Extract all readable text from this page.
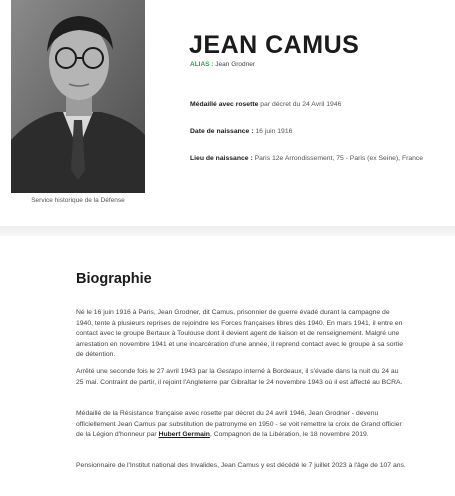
Service historique de la Défense
JEAN CAMUS
ALIAS : Jean Grodner
Médaillé avec rosette par décret du 24 Avril 1946
Date de naissance : 16 juin 1916
Lieu de naissance : Paris 12e Arrondissement, 75 - Paris (ex Seine), France
Biographie

Né le 16 juin 1916 à Paris, Jean Grodner, dit Camus, prisonnier de guerre évadé durant la campagne de 1940, tente à plusieurs reprises de rejoindre les Forces françaises libres dès 1940. En mars 1941, il entre en contact avec le groupe Bertaux à Toulouse dont il devient agent de liaison et de renseignement. Malgré une arrestation en novembre 1941 et une incarcération d'une année, il reprend contact avec le groupe à sa sortie de détention.

Arrêté une seconde fois le 27 avril 1943 par la Gestapo interné à Bordeaux, il s'évade dans la nuit du 24 au 25 mai. Contraint de partir, il rejoint l'Angleterre par Gibraltar le 24 novembre 1943 où il est affecté au BCRA.

Médaillé de la Résistance française avec rosette par décret du 24 avril 1946, Jean Grodner - devenu officiellement Jean Camus par substitution de patronyme en 1950 - se voit remettre la croix de Grand officier de la Légion d'honneur par Hubert Germain, Compagnon de la Libération, le 18 novembre 2019.

Pensionnaire de l'Institut national des Invalides, Jean Camus y est décédé le 7 juillet 2023 à l'âge de 107 ans.
